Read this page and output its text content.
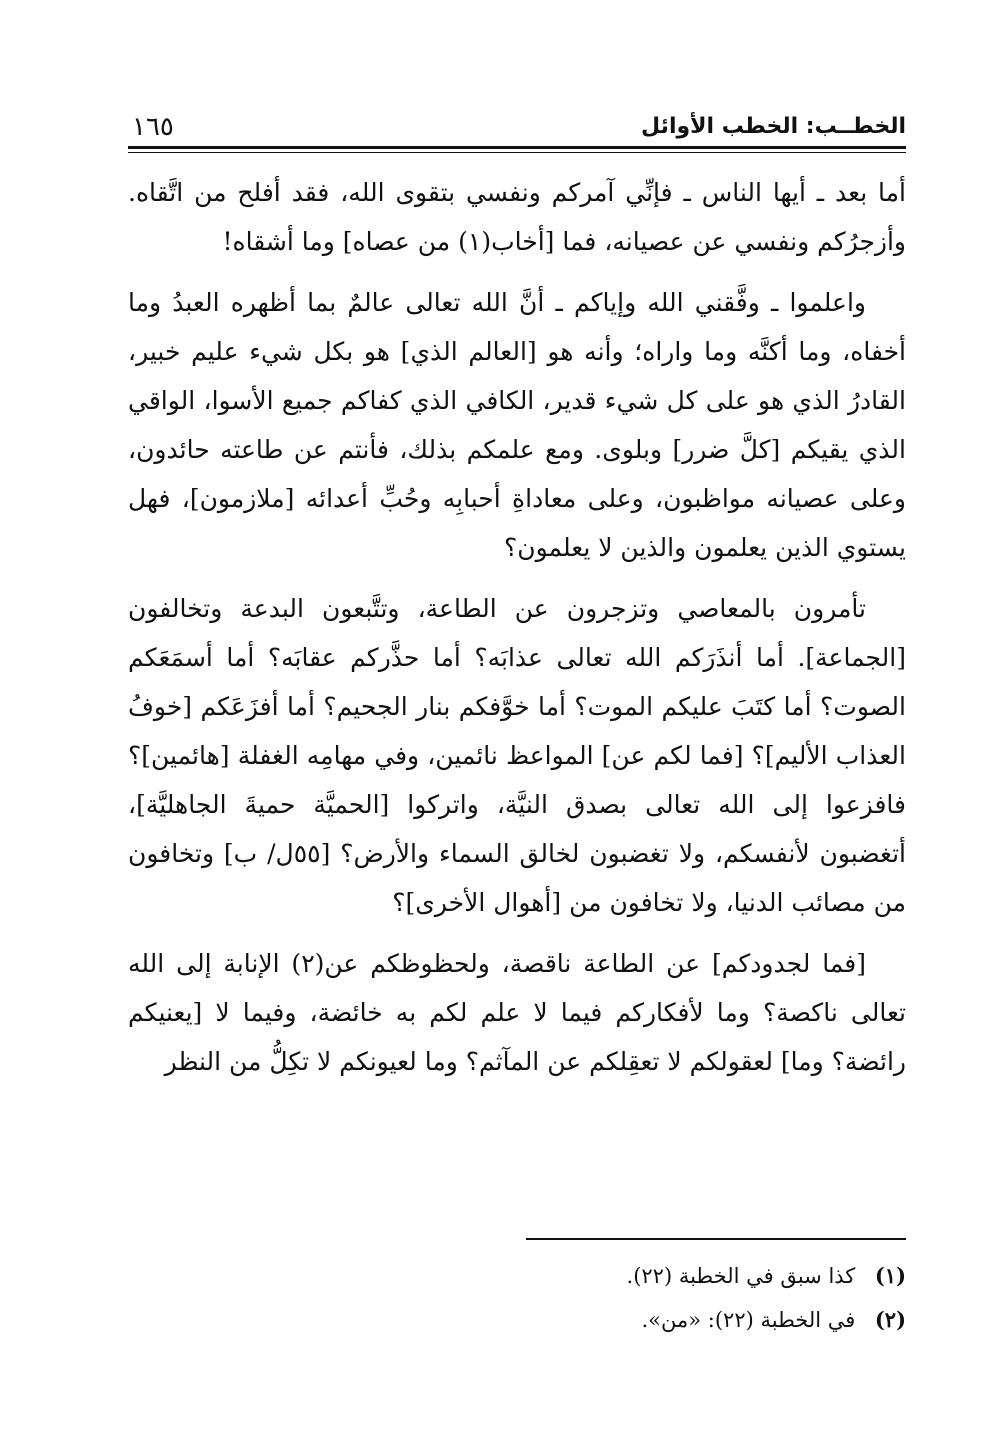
الخطــب: الخطب الأوائل
١٦٥

أما بعد ـ أيها الناس ـ فإنِّي آمركم ونفسي بتقوى الله، فقد أفلح من اتَّقاه. وأزجرُكم ونفسي عن عصيانه، فما [أخاب(١) من عصاه] وما أشقاه!

واعلموا ـ وفَّقني الله وإياكم ـ أنَّ الله تعالى عالمٌ بما أظهره العبدُ وما أخفاه، وما أكنَّه وما واراه؛ وأنه هو [العالم الذي] هو بكل شيء عليم خبير، القادرُ الذي هو على كل شيء قدير، الكافي الذي كفاكم جميع الأسوا، الواقي الذي يقيكم [كلَّ ضرر] وبلوى. ومع علمكم بذلك، فأنتم عن طاعته حائدون، وعلى عصيانه مواظبون، وعلى معاداةِ أحبابِه وحُبِّ أعدائه [ملازمون]، فهل يستوي الذين يعلمون والذين لا يعلمون؟

تأمرون بالمعاصي وتزجرون عن الطاعة، وتتَّبعون البدعة وتخالفون [الجماعة]. أما أنذَرَكم الله تعالى عذابَه؟ أما حذَّركم عقابَه؟ أما أسمَعَكم الصوت؟ أما كتَبَ عليكم الموت؟ أما خوَّفكم بنار الجحيم؟ أما أفزَعَكم [خوفُ العذاب الأليم]؟ [فما لكم عن] المواعظ نائمين، وفي مهامِه الغفلة [هائمين]؟ فافزعوا إلى الله تعالى بصدق النيَّة، واتركوا [الحميَّة حميةَ الجاهليَّة]، أتغضبون لأنفسكم، ولا تغضبون لخالق السماء والأرض؟ [٥٥ل/ ب] وتخافون من مصائب الدنيا، ولا تخافون من [أهوال الأخرى]؟

[فما لجدودكم] عن الطاعة ناقصة، ولحظوظكم عن(٢) الإنابة إلى الله تعالى ناكصة؟ وما لأفكاركم فيما لا علم لكم به خائضة، وفيما لا [يعنيكم رائضة؟ وما] لعقولكم لا تعقِلكم عن المآثم؟ وما لعيونكم لا تكِلُّ من النظر

(١) كذا سبق في الخطبة (٢٢).

(٢) في الخطبة (٢٢): «من».
